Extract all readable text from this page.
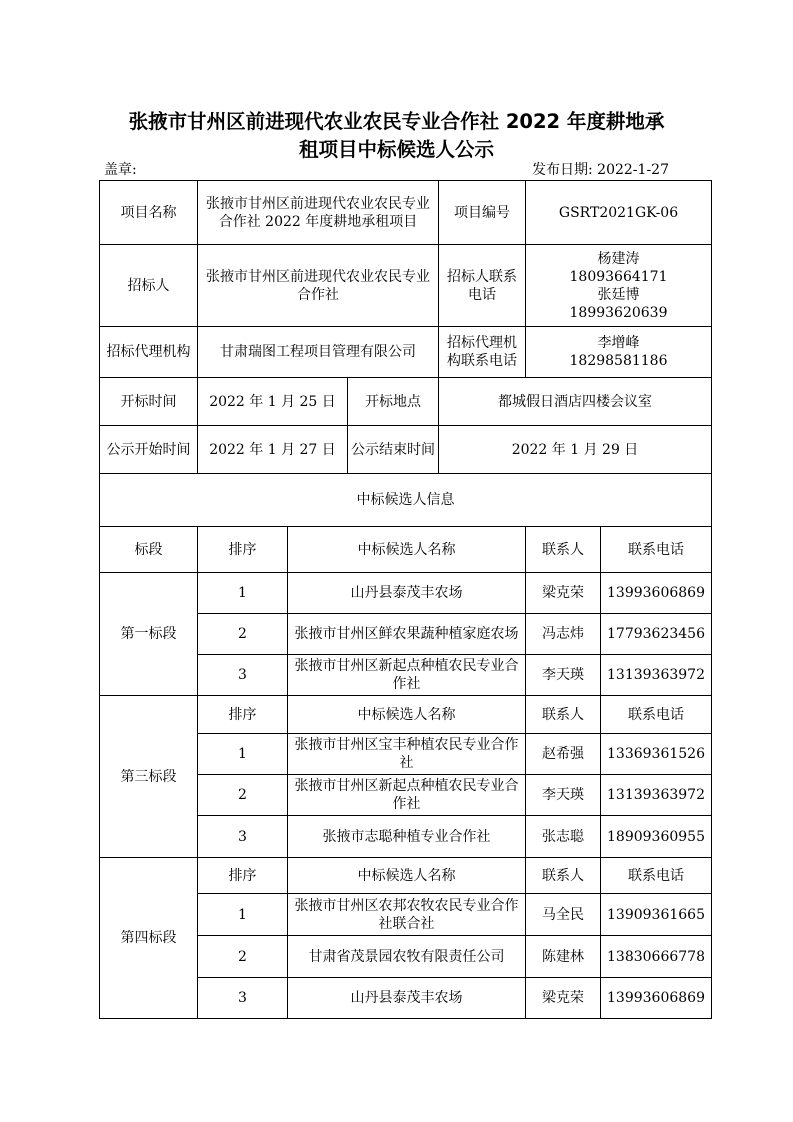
张掖市甘州区前进现代农业农民专业合作社 2022 年度耕地承
租项目中标候选人公示
盖章:	发布日期: 2022-1-27
项目名称	张掖市甘州区前进现代农业农民专业合作社 2022 年度耕地承租项目			项目编号	GSRT2021GK-06	
招标人	张掖市甘州区前进现代农业农民专业合作社			招标人联系电话	杨建涛
18093664171
张廷博
18993620639	

招标代理机构	甘肃瑞图工程项目管理有限公司			招标代理机构联系电话	李增峰
18298581186	

开标时间	2022 年 1 月 25 日		开标地点	都城假日酒店四楼会议室		
公示开始时间	2022 年 1 月 27 日		公示结束时间	2022 年 1 月 29 日		
中标候选人信息						
标段	排序	中标候选人名称			联系人	联系电话
第一标段	1	山丹县泰茂丰农场			梁克荣	13993606869
	2	张掖市甘州区鲜农果蔬种植家庭农场			冯志炜	17793623456
	3	张掖市甘州区新起点种植农民专业合作社			李天瑛	13139363972
第三标段	排序	中标候选人名称			联系人	联系电话
	1	张掖市甘州区宝丰种植农民专业合作社			赵希强	13369361526
	2	张掖市甘州区新起点种植农民专业合作社			李天瑛	13139363972
	3	张掖市志聪种植专业合作社			张志聪	18909360955
第四标段	排序	中标候选人名称			联系人	联系电话
	1	张掖市甘州区农邦农牧农民专业合作社联合社			马全民	13909361665
	2	甘肃省茂景园农牧有限责任公司			陈建林	13830666778
	3	山丹县泰茂丰农场			梁克荣	13993606869
